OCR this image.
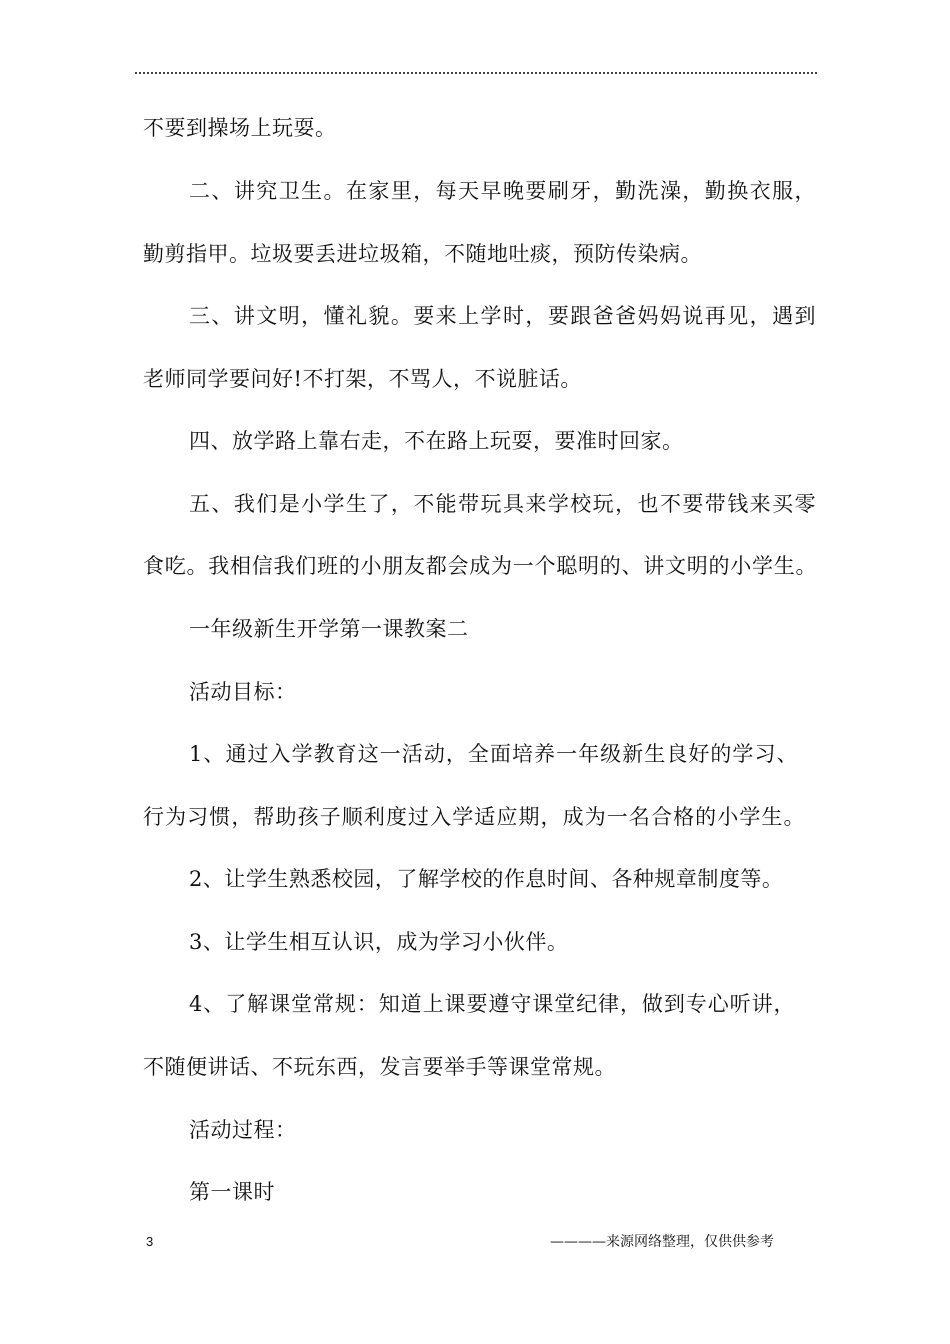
不要到操场上玩耍。
二、讲究卫生。在家里，每天早晚要刷牙，勤洗澡，勤换衣服，
勤剪指甲。垃圾要丢进垃圾箱，不随地吐痰，预防传染病。
三、讲文明，懂礼貌。要来上学时，要跟爸爸妈妈说再见，遇到
老师同学要问好!不打架，不骂人，不说脏话。
四、放学路上靠右走，不在路上玩耍，要准时回家。
五、我们是小学生了，不能带玩具来学校玩，也不要带钱来买零
食吃。我相信我们班的小朋友都会成为一个聪明的、讲文明的小学生。
一年级新生开学第一课教案二
活动目标：
1、通过入学教育这一活动，全面培养一年级新生良好的学习、
行为习惯，帮助孩子顺利度过入学适应期，成为一名合格的小学生。
2、让学生熟悉校园，了解学校的作息时间、各种规章制度等。
3、让学生相互认识，成为学习小伙伴。
4、了解课堂常规：知道上课要遵守课堂纪律，做到专心听讲，
不随便讲话、不玩东西，发言要举手等课堂常规。
活动过程：
第一课时
3	————来源网络整理，仅供供参考
